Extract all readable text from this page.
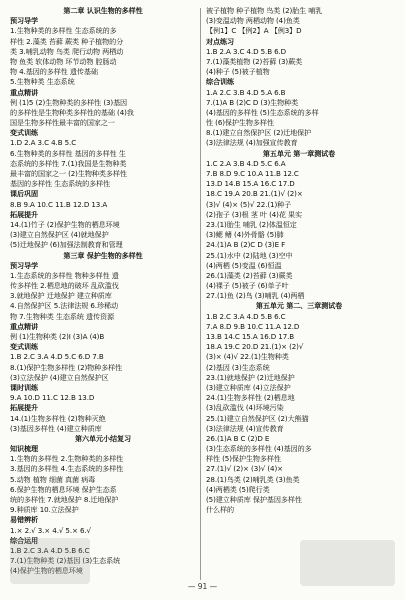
第二章 认识生物的多样性
预习导学
1.生物种类的多样性 生态系统的多
样性 2.藻类 苔藓 蕨类 种子植物的分
类 3.哺乳动物 鸟类 爬行动物 两栖动
物 鱼类 软体动物 环节动物 腔肠动
物 4.基因的多样性 遗传基础
5.生物种类 生态系统
重点精讲
例 (1)5 (2)生物种类的多样性 (3)基因
的多样性是生物种类多样性的基础 (4)我
国是生物多样性最丰富的国家之一
变式训练
1.D 2.A 3.C 4.B 5.C
6.生物种类的多样性 基因的多样性 生
态系统的多样性 7.(1)我国是生物种类
最丰富的国家之一 (2)生物种类多样性
基因的多样性 生态系统的多样性
课后巩固
8.B 9.A 10.C 11.B 12.D 13.A
拓展提升
14.(1)竹子 (2)保护生物的栖息环境
(3)建立自然保护区 (4)就地保护
(5)迁地保护 (6)加强法制教育和管理
第三章 保护生物的多样性
预习导学
1.生态系统的多样性 物种多样性 遗
传多样性 2.栖息地的破坏 乱砍滥伐
3.就地保护 迁地保护 建立种质库
4.自然保护区 5.法律法规 6.珍稀动
物 7.生物种类 生态系统 遗传资源
重点精讲
例 (1)生物种类 (2)Ⅰ (3)A (4)B
变式训练
1.B 2.C 3.A 4.D 5.C 6.D 7.B
8.(1)保护生物多样性 (2)物种多样性
(3)立法保护 (4)建立自然保护区
课时训练
9.A 10.D 11.C 12.B 13.D
拓展提升
14.(1)生物多样性 (2)物种灭绝
(3)基因多样性 (4)建立种质库
第六单元小结复习
知识梳理
1.生物的多样性 2.生物种类的多样性
3.基因的多样性 4.生态系统的多样性
5.动物 植物 细菌 真菌 病毒
6.保护生物的栖息环境 保护生态系
统的多样性 7.就地保护 8.迁地保护
9.种质库 10.立法保护
易错辨析
1.× 2.√ 3.× 4.√ 5.× 6.√
综合运用
1.B 2.C 3.A 4.D 5.B 6.C
7.(1)生物种类 (2)基因 (3)生态系统
(4)保护生物的栖息环境
被子植物 种子植物 鸟类 (2)胎生 哺乳
(3)变温动物 两栖动物 (4)鱼类
【例1】C 【例2】A 【例3】D
对点练习
1.B 2.A 3.C 4.D 5.B 6.D
7.(1)藻类植物 (2)苔藓 (3)蕨类
(4)种子 (5)被子植物
综合训练
1.A 2.C 3.B 4.D 5.A 6.B
7.(1)A B (2)C D (3)生物种类
(4)基因的多样性 (5)生态系统的多样
性 (6)保护生物多样性
8.(1)建立自然保护区 (2)迁地保护
(3)法律法规 (4)加强宣传教育
第五单元 第一章测试卷
1.C 2.A 3.B 4.D 5.C 6.A
7.B 8.D 9.C 10.A 11.B 12.C
13.D 14.B 15.A 16.C 17.D
18.C 19.A 20.B 21.(1)√ (2)×
(3)√ (4)× (5)√ 22.(1)种子
(2)孢子 (3)根 茎 叶 (4)花 果实
23.(1)胎生 哺乳 (2)体温恒定
(3)鳃 鳍 (4)外骨骼 (5)肺
24.(1)A B (2)C D (3)E F
25.(1)水中 (2)陆地 (3)空中
(4)两栖 (5)变温 (6)恒温
26.(1)藻类 (2)苔藓 (3)蕨类
(4)裸子 (5)被子 (6)单子叶
27.(1)鱼 (2)鸟 (3)哺乳 (4)两栖
第五单元 第二、三章测试卷
1.B 2.C 3.A 4.D 5.B 6.C
7.A 8.D 9.B 10.C 11.A 12.D
13.B 14.C 15.A 16.D 17.B
18.A 19.C 20.D 21.(1)× (2)√
(3)× (4)√ 22.(1)生物种类
(2)基因 (3)生态系统
23.(1)就地保护 (2)迁地保护
(3)建立种质库 (4)立法保护
24.(1)生物多样性 (2)栖息地
(3)乱砍滥伐 (4)环境污染
25.(1)建立自然保护区 (2)大熊猫
(3)法律法规 (4)宣传教育
26.(1)A B C (2)D E
(3)生态系统的多样性 (4)基因的多
样性 (5)保护生物多样性
27.(1)√ (2)× (3)√ (4)×
28.(1)鸟类 (2)哺乳类 (3)鱼类
(4)两栖类 (5)爬行类
(5)建立种质库 保护基因多样性
什么样的
— 91 —
